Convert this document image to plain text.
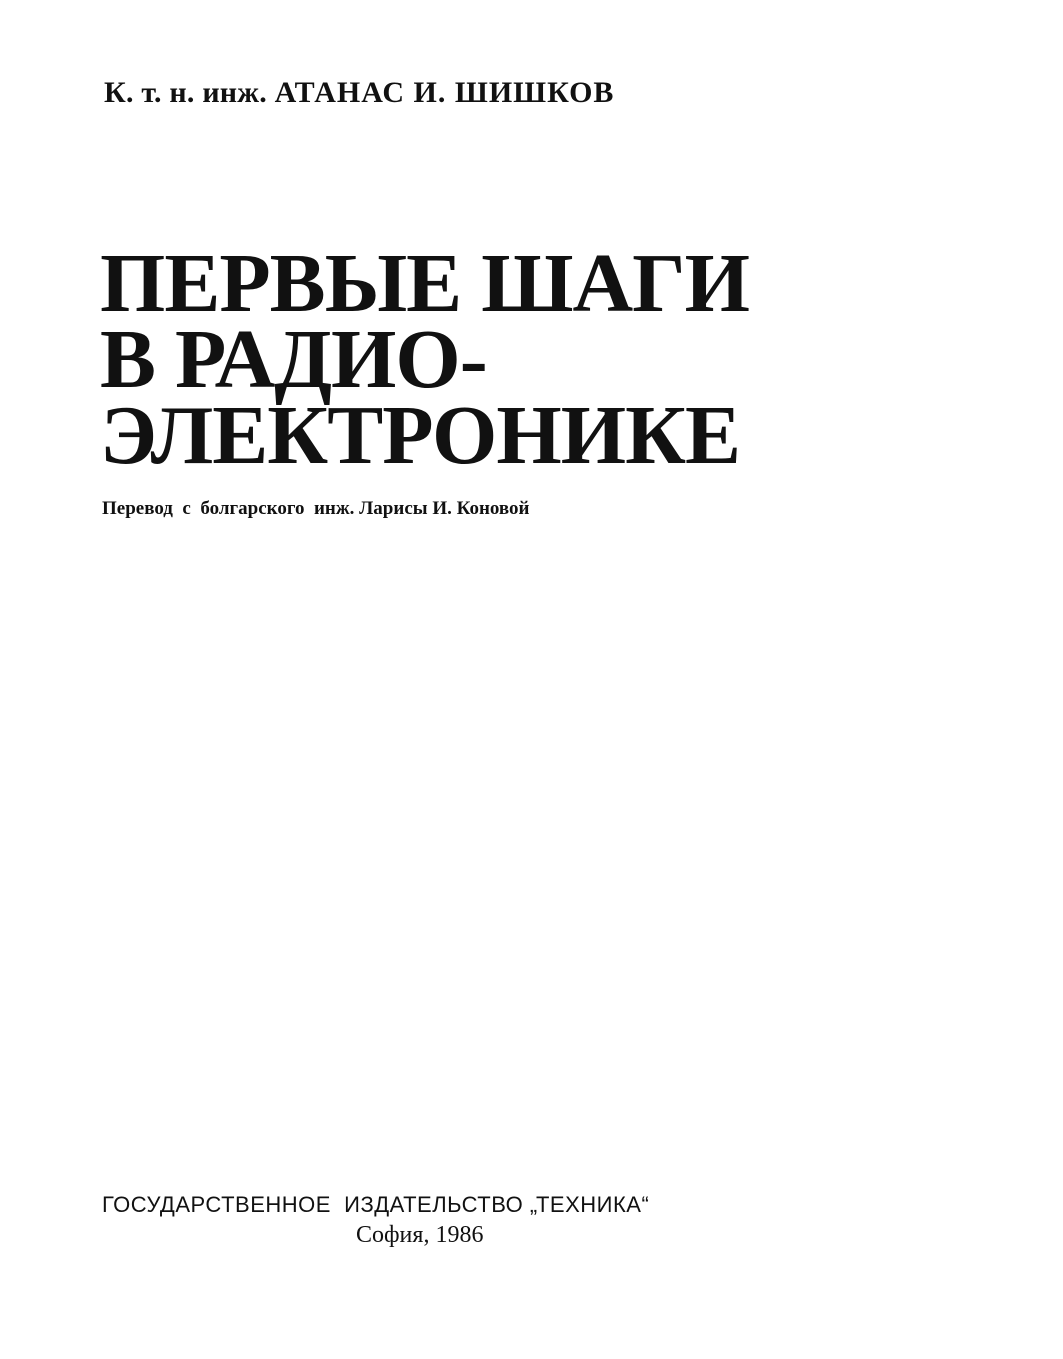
К. т. н. инж. АТАНАС И. ШИШКОВ
ПЕРВЫЕ ШАГИ
В РАДИО-
ЭЛЕКТРОНИКЕ
Перевод  с  болгарского  инж. Ларисы И. Коновой
ГОСУДАРСТВЕННОЕ  ИЗДАТЕЛЬСТВО „ТЕХНИКА“
София, 1986
